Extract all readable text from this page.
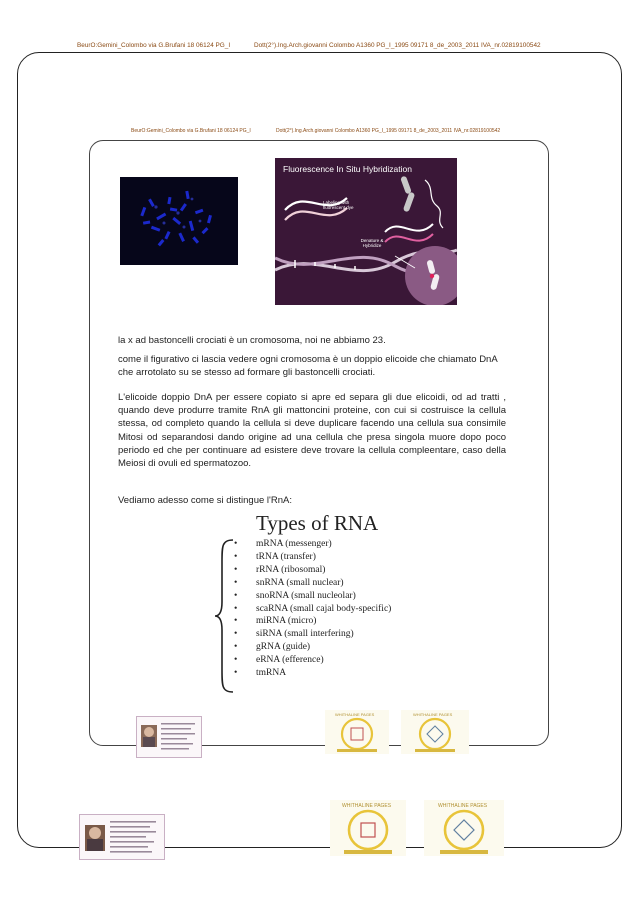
BeurO:Gemini_Colombo via G.Brufani 18 06124 PG_I	Dott(2°).Ing.Arch.giovanni Colombo A1360 PG_I_1995 09171 8_de_2003_2011 IVA_nr.02819100542
BeurO:Gemini_Colombo via G.Brufani 18 06124 PG_I	Dott(2°).Ing.Arch.giovanni Colombo A1360 PG_I_1995 09171 8_de_2003_2011 IVA_nr.02819100542
Fluorescence In Situ Hybridization
Labeling with fluorescent dye
Denature & Hybridize
la x ad bastoncelli crociati è un cromosoma, noi ne abbiamo 23.
come il figurativo ci lascia vedere ogni cromosoma è un doppio elicoide che chiamato DnA che arrotolato su se stesso ad formare gli bastoncelli crociati.
L'elicoide doppio DnA per essere copiato si apre ed separa gli due elicoidi, od ad tratti , quando deve produrre tramite RnA gli mattoncini proteine, con cui si costruisce la cellula stessa, od completo quando la cellula si deve duplicare facendo una cellula sua consimile Mitosi od separandosi dando origine ad una cellula che presa singola muore dopo poco periodo ed che per continuare ad esistere deve trovare la cellula compleentare, caso della Meiosi di ovuli ed spermatozoo.
Vediamo adesso come si distingue l'RnA:
Types of RNA
• mRNA (messenger)
• tRNA (transfer)
• rRNA (ribosomal)
• snRNA (small nuclear)
• snoRNA (small nucleolar)
• scaRNA (small cajal body-specific)
• miRNA (micro)
• siRNA (small interfering)
• gRNA (guide)
• eRNA (efference)
• tmRNA
WHITHALINE PAGES	WHITHALINE PAGES
WHITHALINE PAGES	WHITHALINE PAGES
